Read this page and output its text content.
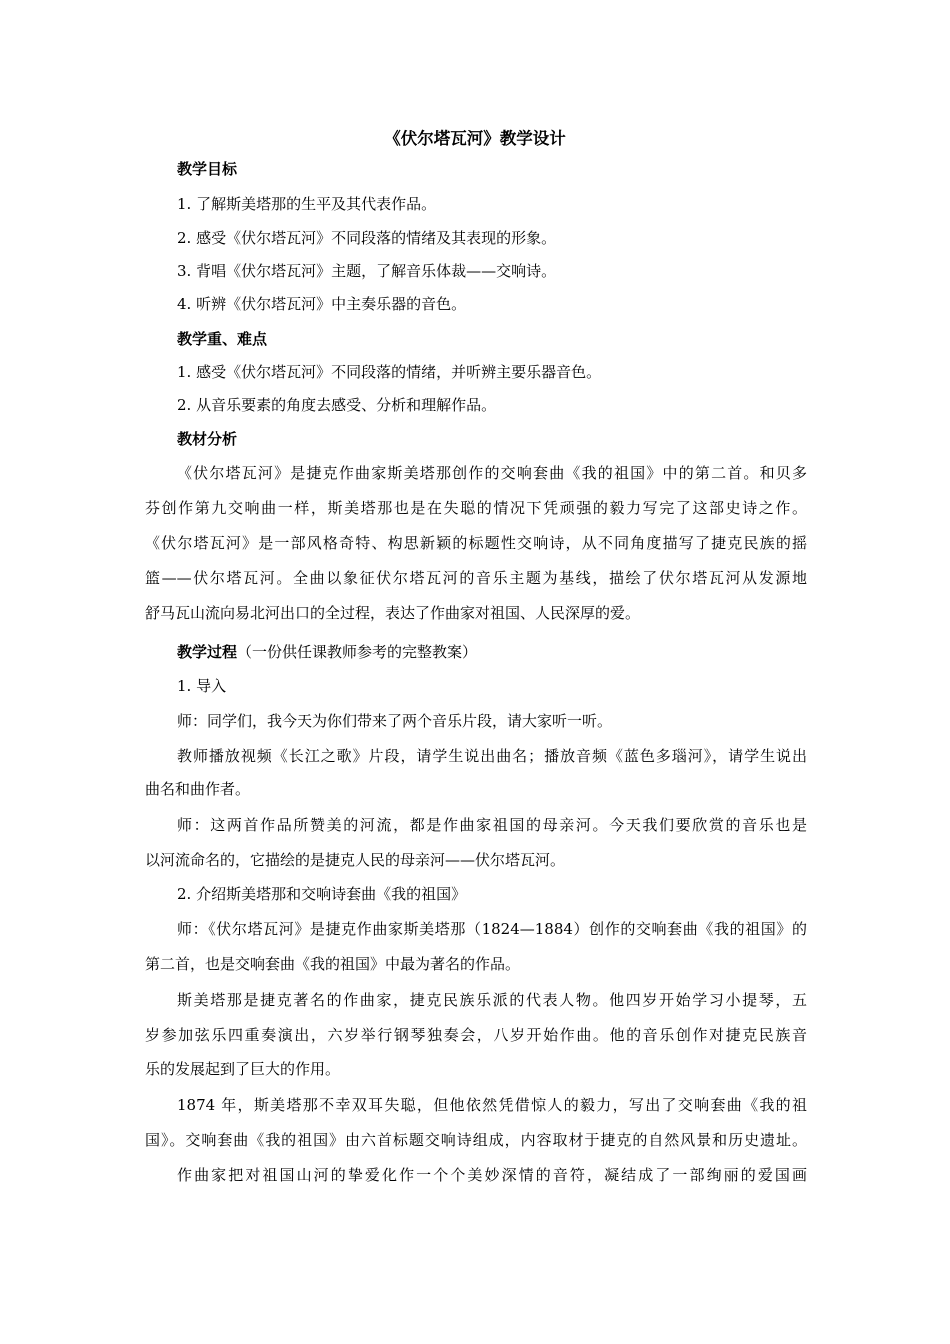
《伏尔塔瓦河》教学设计
教学目标
1. 了解斯美塔那的生平及其代表作品。
2. 感受《伏尔塔瓦河》不同段落的情绪及其表现的形象。
3. 背唱《伏尔塔瓦河》主题，了解音乐体裁——交响诗。
4. 听辨《伏尔塔瓦河》中主奏乐器的音色。
教学重、难点
1. 感受《伏尔塔瓦河》不同段落的情绪，并听辨主要乐器音色。
2. 从音乐要素的角度去感受、分析和理解作品。
教材分析
《伏尔塔瓦河》是捷克作曲家斯美塔那创作的交响套曲《我的祖国》中的第二首。和贝多
芬创作第九交响曲一样，斯美塔那也是在失聪的情况下凭顽强的毅力写完了这部史诗之作。
《伏尔塔瓦河》是一部风格奇特、构思新颖的标题性交响诗，从不同角度描写了捷克民族的摇
篮——伏尔塔瓦河。全曲以象征伏尔塔瓦河的音乐主题为基线，描绘了伏尔塔瓦河从发源地
舒马瓦山流向易北河出口的全过程，表达了作曲家对祖国、人民深厚的爱。
教学过程（一份供任课教师参考的完整教案）
1. 导入
师：同学们，我今天为你们带来了两个音乐片段，请大家听一听。
教师播放视频《长江之歌》片段，请学生说出曲名；播放音频《蓝色多瑙河》，请学生说出
曲名和曲作者。
师：这两首作品所赞美的河流，都是作曲家祖国的母亲河。今天我们要欣赏的音乐也是
以河流命名的，它描绘的是捷克人民的母亲河——伏尔塔瓦河。
2. 介绍斯美塔那和交响诗套曲《我的祖国》
师：《伏尔塔瓦河》是捷克作曲家斯美塔那（1824—1884）创作的交响套曲《我的祖国》的
第二首，也是交响套曲《我的祖国》中最为著名的作品。
斯美塔那是捷克著名的作曲家，捷克民族乐派的代表人物。他四岁开始学习小提琴，五
岁参加弦乐四重奏演出，六岁举行钢琴独奏会，八岁开始作曲。他的音乐创作对捷克民族音
乐的发展起到了巨大的作用。
1874 年，斯美塔那不幸双耳失聪，但他依然凭借惊人的毅力，写出了交响套曲《我的祖
国》。交响套曲《我的祖国》由六首标题交响诗组成，内容取材于捷克的自然风景和历史遗址。
作曲家把对祖国山河的挚爱化作一个个美妙深情的音符，凝结成了一部绚丽的爱国画
